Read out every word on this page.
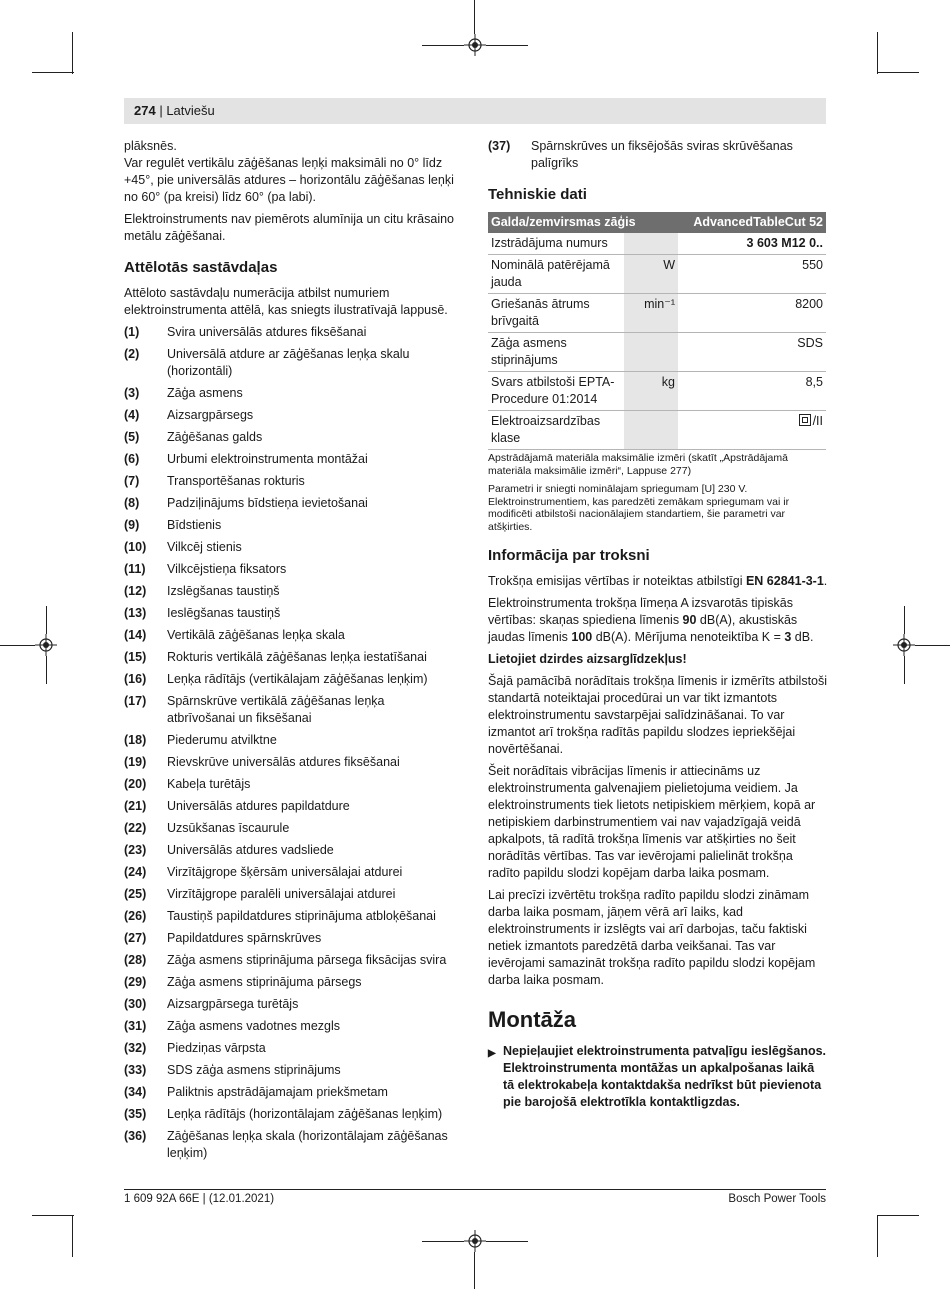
274 | Latviešu

plāksnēs.

Var regulēt vertikālu zāģēšanas leņķi maksimāli no 0° līdz +45°, pie universālās atdures – horizontālu zāģēšanas leņķi no 60° (pa kreisi) līdz 60° (pa labi).

Elektroinstruments nav piemērots alumīnija un citu krāsaino metālu zāģēšanai.

Attēlotās sastāvdaļas

Attēloto sastāvdaļu numerācija atbilst numuriem elektroinstrumenta attēlā, kas sniegts ilustratīvajā lappusē.

(1)	Svira universālās atdures fiksēšanai
(2)	Universālā atdure ar zāģēšanas leņķa skalu (horizontāli)
(3)	Zāģa asmens
(4)	Aizsargpārsegs
(5)	Zāģēšanas galds
(6)	Urbumi elektroinstrumenta montāžai
(7)	Transportēšanas rokturis
(8)	Padziļinājums bīdstieņa ievietošanai
(9)	Bīdstienis
(10)	Vilkcēj stienis
(11)	Vilkcējstieņa fiksators
(12)	Izslēgšanas taustiņš
(13)	Ieslēgšanas taustiņš
(14)	Vertikālā zāģēšanas leņķa skala
(15)	Rokturis vertikālā zāģēšanas leņķa iestatīšanai
(16)	Leņķa rādītājs (vertikālajam zāģēšanas leņķim)
(17)	Spārnskrūve vertikālā zāģēšanas leņķa atbrīvošanai un fiksēšanai
(18)	Piederumu atvilktne
(19)	Rievskrūve universālās atdures fiksēšanai
(20)	Kabeļa turētājs
(21)	Universālās atdures papildatdure
(22)	Uzsūkšanas īscaurule
(23)	Universālās atdures vadsliede
(24)	Virzītājgrope šķērsām universālajai atdurei
(25)	Virzītājgrope paralēli universālajai atdurei
(26)	Taustiņš papildatdures stiprinājuma atbloķēšanai
(27)	Papildatdures spārnskrūves
(28)	Zāģa asmens stiprinājuma pārsega fiksācijas svira
(29)	Zāģa asmens stiprinājuma pārsegs
(30)	Aizsargpārsega turētājs
(31)	Zāģa asmens vadotnes mezgls
(32)	Piedziņas vārpsta
(33)	SDS zāģa asmens stiprinājums
(34)	Paliktnis apstrādājamajam priekšmetam
(35)	Leņķa rādītājs (horizontālajam zāģēšanas leņķim)
(36)	Zāģēšanas leņķa skala (horizontālajam zāģēšanas leņķim)
(37)	Spārnskrūves un fiksējošās sviras skrūvēšanas palīgrīks
Tehniskie dati
Galda/zemvirsmas zāģis		AdvancedTableCut 52
Izstrādājuma numurs		3 603 M12 0..
Nominālā patērējamā jauda	W	550
Griešanās ātrums brīvgaitā	min⁻¹	8200
Zāģa asmens stiprinājums		SDS
Svars atbilstoši EPTA-Procedure 01:2014	kg	8,5
Elektroaizsardzības klase		/II

Apstrādājamā materiāla maksimālie izmēri (skatīt „Apstrādājamā materiāla maksimālie izmēri“, Lappuse 277)

Parametri ir sniegti nominālajam spriegumam [U] 230 V. Elektroinstrumentiem, kas paredzēti zemākam spriegumam vai ir modificēti atbilstoši nacionālajiem standartiem, šie parametri var atšķirties.

Informācija par troksni

Trokšņa emisijas vērtības ir noteiktas atbilstīgi EN 62841-3-1.

Elektroinstrumenta trokšņa līmeņa A izsvarotās tipiskās vērtības: skaņas spiediena līmenis 90 dB(A), akustiskās jaudas līmenis 100 dB(A). Mērījuma nenoteiktība K = 3 dB.

Lietojiet dzirdes aizsarglīdzekļus!

Šajā pamācībā norādītais trokšņa līmenis ir izmērīts atbilstoši standartā noteiktajai procedūrai un var tikt izmantots elektroinstrumentu savstarpējai salīdzināšanai. To var izmantot arī trokšņa radītās papildu slodzes iepriekšējai novērtēšanai.

Šeit norādītais vibrācijas līmenis ir attiecināms uz elektroinstrumenta galvenajiem pielietojuma veidiem. Ja elektroinstruments tiek lietots netipiskiem mērķiem, kopā ar netipiskiem darbinstrumentiem vai nav vajadzīgajā veidā apkalpots, tā radītā trokšņa līmenis var atšķirties no šeit norādītās vērtības. Tas var ievērojami palielināt trokšņa radīto papildu slodzi kopējam darba laika posmam.

Lai precīzi izvērtētu trokšņa radīto papildu slodzi zināmam darba laika posmam, jāņem vērā arī laiks, kad elektroinstruments ir izslēgts vai arī darbojas, taču faktiski netiek izmantots paredzētā darba veikšanai. Tas var ievērojami samazināt trokšņa radīto papildu slodzi kopējam darba laika posmam.

Montāža
▶ Nepieļaujiet elektroinstrumenta patvaļīgu ieslēgšanos. Elektroinstrumenta montāžas un apkalpošanas laikā tā elektrokabeļa kontaktdakša nedrīkst būt pievienota pie barojošā elektrotīkla kontaktligzdas.
1 609 92A 66E | (12.01.2021)	Bosch Power Tools
